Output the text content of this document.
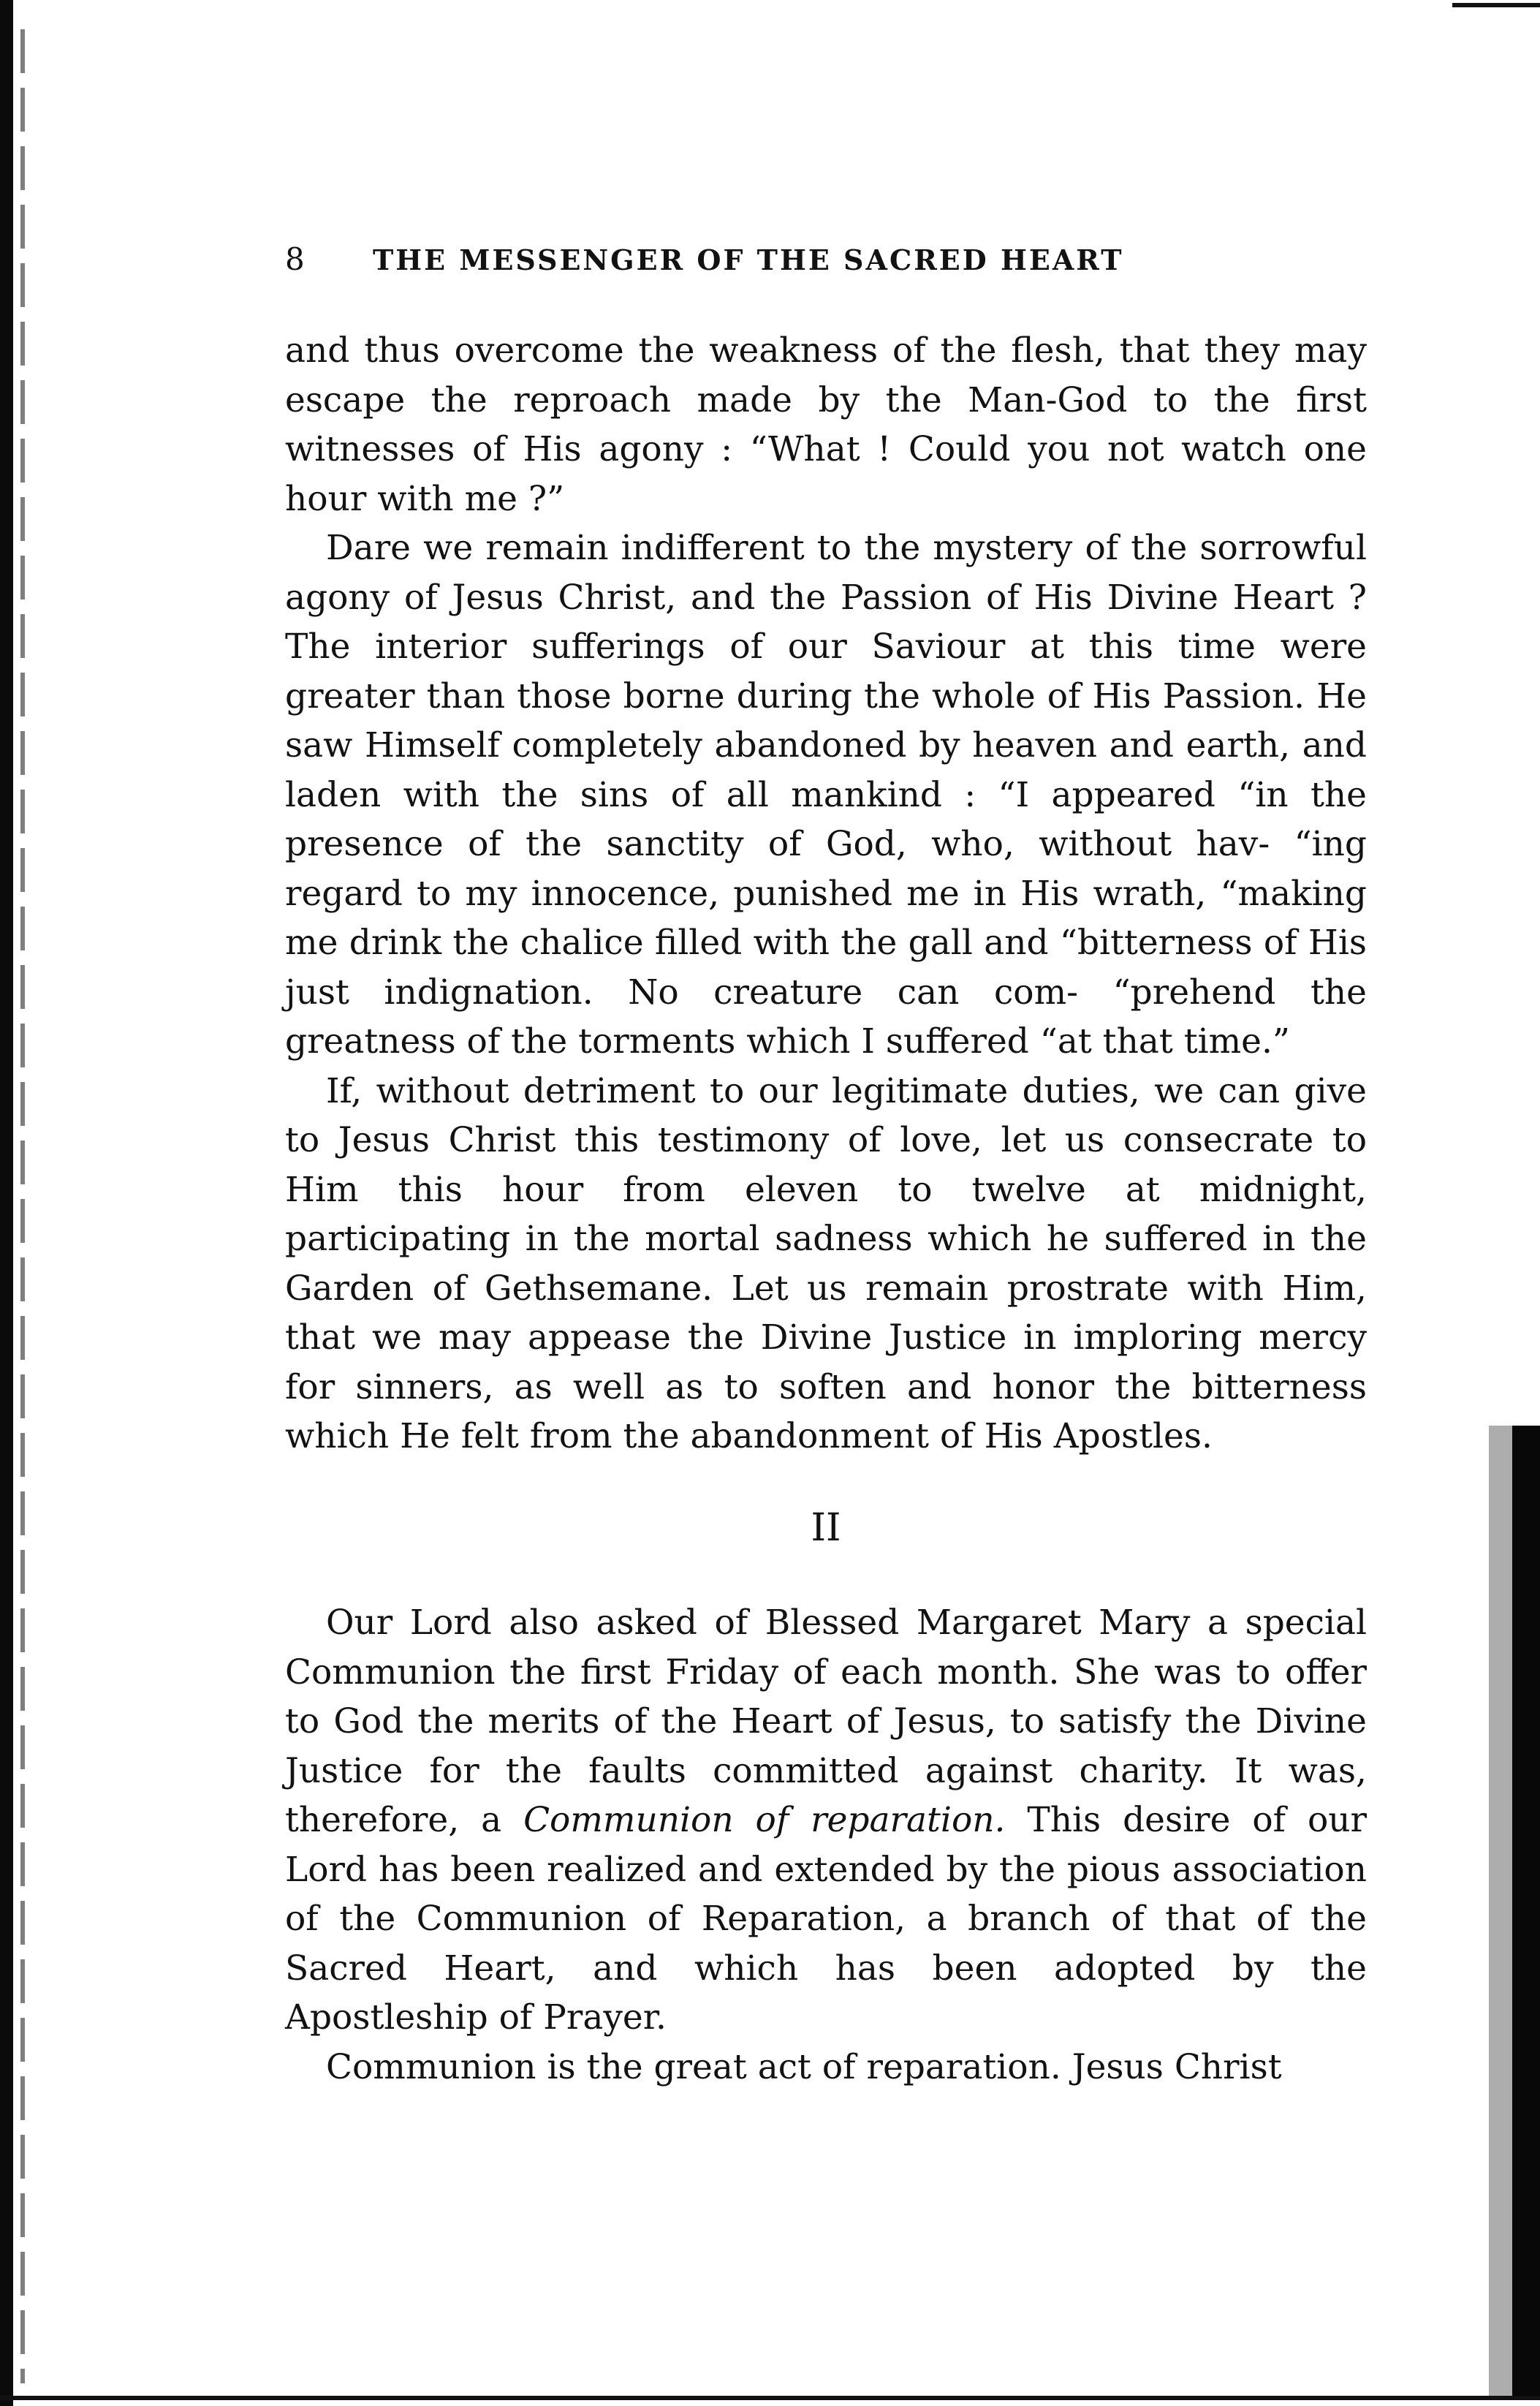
8	THE MESSENGER OF THE SACRED HEART

and thus overcome the weakness of the flesh, that they may escape the reproach made by the Man-God to the first witnesses of His agony : “What ! Could you not watch one hour with me ?”

Dare we remain indifferent to the mystery of the sorrowful agony of Jesus Christ, and the Passion of His Divine Heart ? The interior sufferings of our Saviour at this time were greater than those borne during the whole of His Passion. He saw Himself completely abandoned by heaven and earth, and laden with the sins of all mankind : “I appeared “in the presence of the sanctity of God, who, without hav- “ing regard to my innocence, punished me in His wrath, “making me drink the chalice filled with the gall and “bitterness of His just indignation. No creature can com- “prehend the greatness of the torments which I suffered “at that time.”

If, without detriment to our legitimate duties, we can give to Jesus Christ this testimony of love, let us consecrate to Him this hour from eleven to twelve at midnight, participating in the mortal sadness which he suffered in the Garden of Gethsemane. Let us remain prostrate with Him, that we may appease the Divine Justice in imploring mercy for sinners, as well as to soften and honor the bitterness which He felt from the abandonment of His Apostles.

II

Our Lord also asked of Blessed Margaret Mary a special Communion the first Friday of each month. She was to offer to God the merits of the Heart of Jesus, to satisfy the Divine Justice for the faults committed against charity. It was, therefore, a Communion of reparation. This desire of our Lord has been realized and extended by the pious association of the Communion of Reparation, a branch of that of the Sacred Heart, and which has been adopted by the Apostleship of Prayer.

Communion is the great act of reparation. Jesus Christ
